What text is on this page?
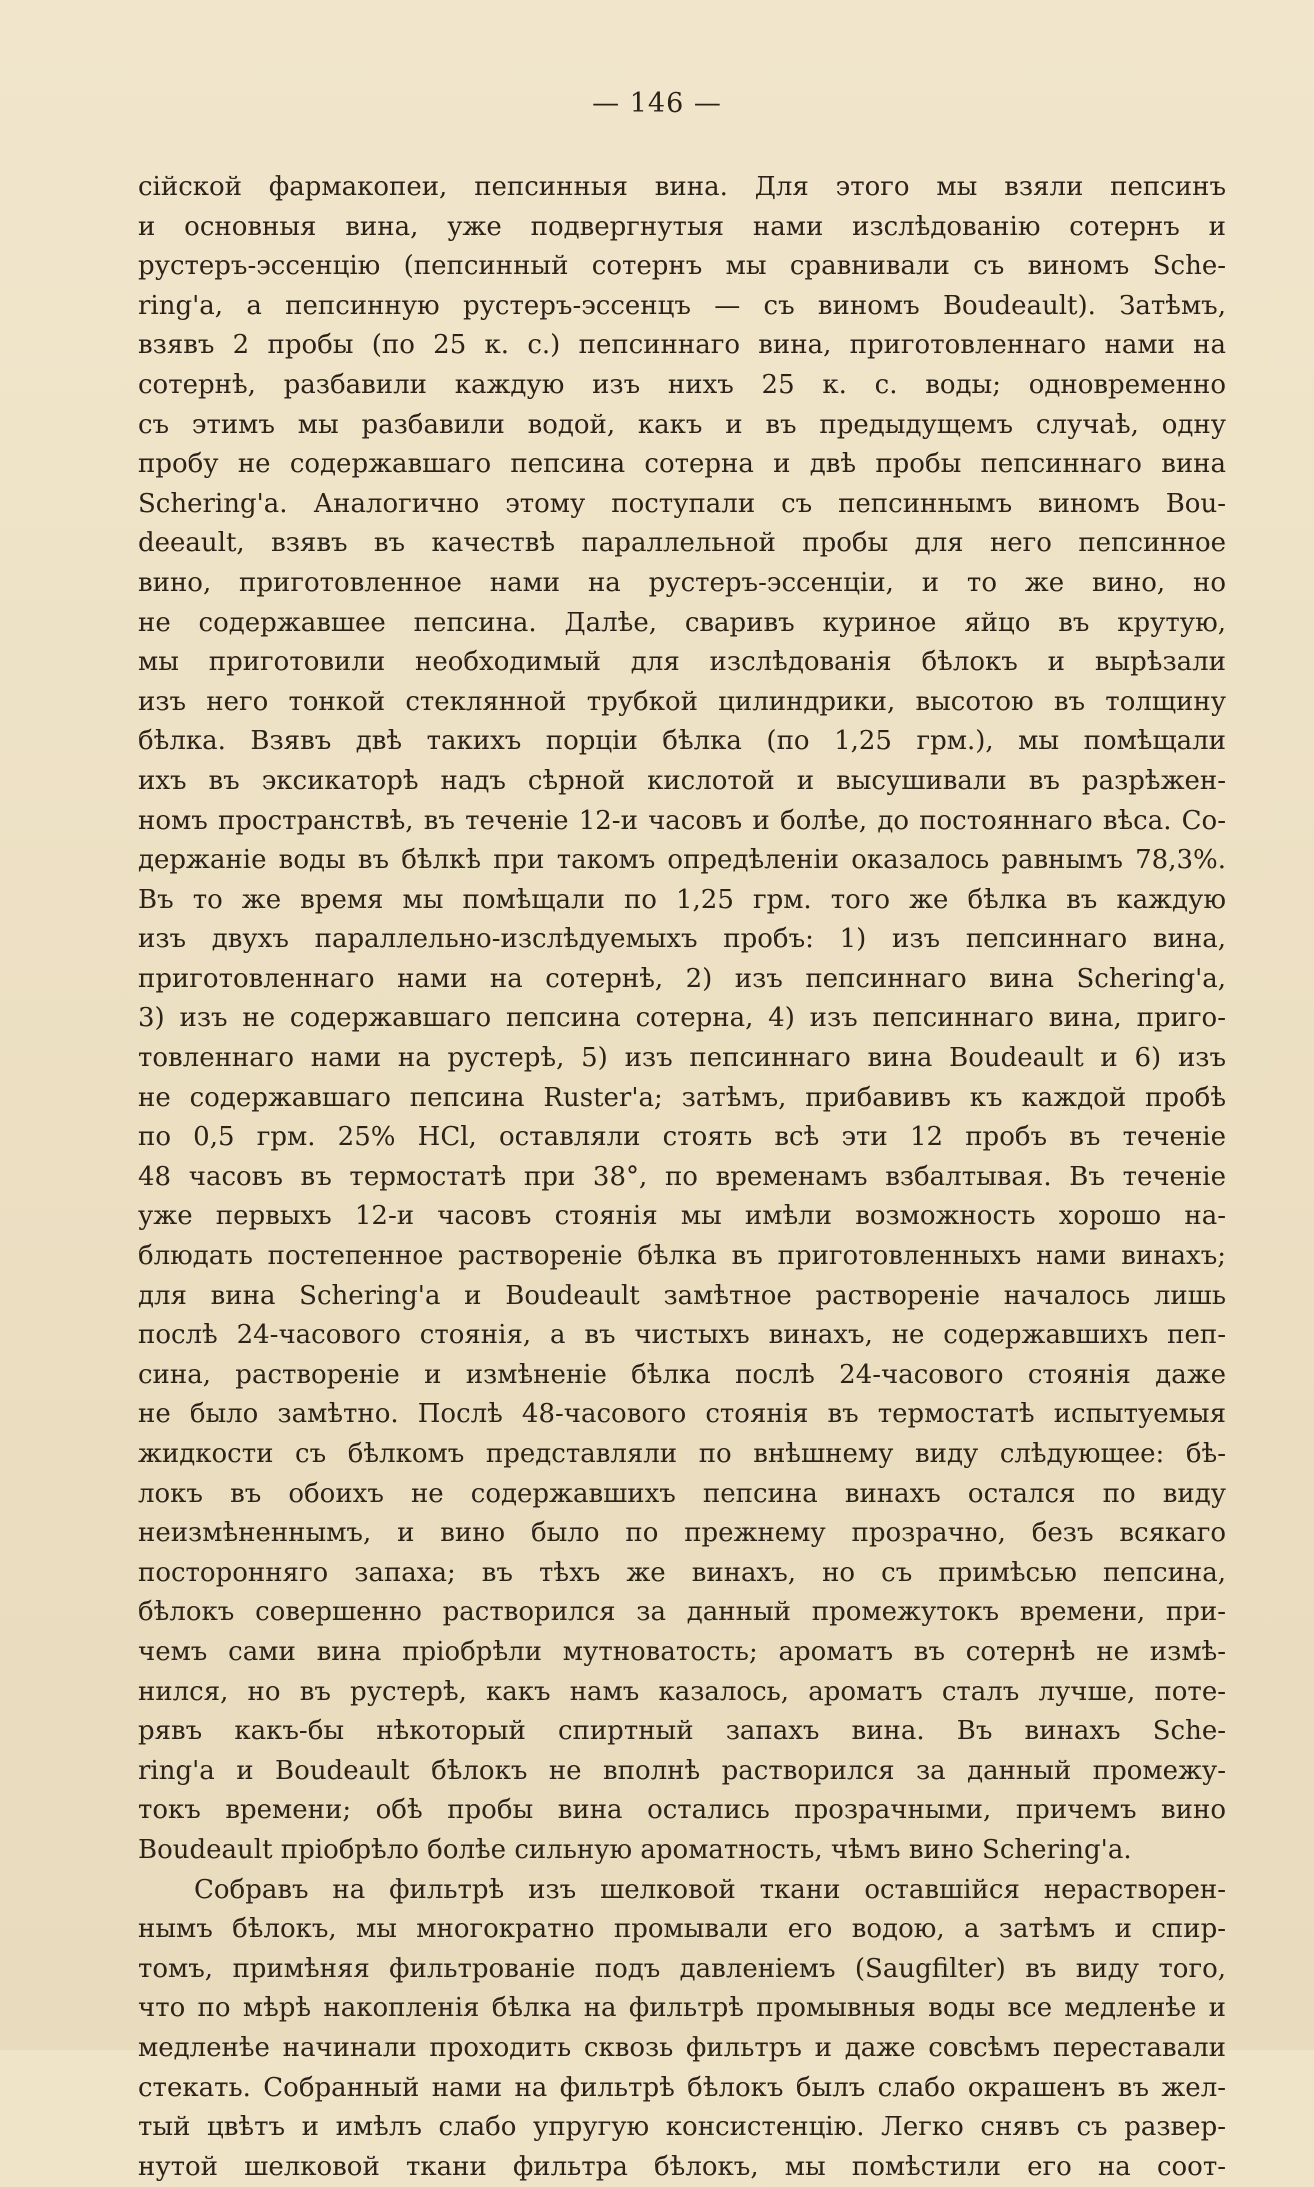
— 146 —
сійской фармакопеи, пепсинныя вина. Для этого мы взяли пепсинъ
и основныя вина, уже подвергнутыя нами изслѣдованію сотернъ и
рустеръ-эссенцію (пепсинный сотернъ мы сравнивали съ виномъ Sche-
ring'а, а пепсинную рустеръ-эссенцъ — съ виномъ Boudeault). Затѣмъ,
взявъ 2 пробы (по 25 к. с.) пепсиннаго вина, приготовленнаго нами на
сотернѣ, разбавили каждую изъ нихъ 25 к. с. воды; одновременно
съ этимъ мы разбавили водой, какъ и въ предыдущемъ случаѣ, одну
пробу не содержавшаго пепсина сотерна и двѣ пробы пепсиннаго вина
Schering'а. Аналогично этому поступали съ пепсиннымъ виномъ Bou-
deeault, взявъ въ качествѣ параллельной пробы для него пепсинное
вино, приготовленное нами на рустеръ-эссенціи, и то же вино, но
не содержавшее пепсина. Далѣе, сваривъ куриное яйцо въ крутую,
мы приготовили необходимый для изслѣдованія бѣлокъ и вырѣзали
изъ него тонкой стеклянной трубкой цилиндрики, высотою въ толщину
бѣлка. Взявъ двѣ такихъ порціи бѣлка (по 1,25 грм.), мы помѣщали
ихъ въ эксикаторѣ надъ сѣрной кислотой и высушивали въ разрѣжен-
номъ пространствѣ, въ теченіе 12-и часовъ и болѣе, до постояннаго вѣса. Со-
держаніе воды въ бѣлкѣ при такомъ опредѣленіи оказалось равнымъ 78,3%.
Въ то же время мы помѣщали по 1,25 грм. того же бѣлка въ каждую
изъ двухъ параллельно-изслѣдуемыхъ пробъ: 1) изъ пепсиннаго вина,
приготовленнаго нами на сотернѣ, 2) изъ пепсиннаго вина Schering'а,
3) изъ не содержавшаго пепсина сотерна, 4) изъ пепсиннаго вина, приго-
товленнаго нами на рустерѣ, 5) изъ пепсиннаго вина Boudeault и 6) изъ
не содержавшаго пепсина Ruster'а; затѣмъ, прибавивъ къ каждой пробѣ
по 0,5 грм. 25% HCl, оставляли стоять всѣ эти 12 пробъ въ теченіе
48 часовъ въ термостатѣ при 38°, по временамъ взбалтывая. Въ теченіе
уже первыхъ 12-и часовъ стоянія мы имѣли возможность хорошо на-
блюдать постепенное раствореніе бѣлка въ приготовленныхъ нами винахъ;
для вина Schering'а и Boudeault замѣтное раствореніе началось лишь
послѣ 24-часового стоянія, а въ чистыхъ винахъ, не содержавшихъ пеп-
сина, раствореніе и измѣненіе бѣлка послѣ 24-часового стоянія даже
не было замѣтно. Послѣ 48-часового стоянія въ термостатѣ испытуемыя
жидкости съ бѣлкомъ представляли по внѣшнему виду слѣдующее: бѣ-
локъ въ обоихъ не содержавшихъ пепсина винахъ остался по виду
неизмѣненнымъ, и вино было по прежнему прозрачно, безъ всякаго
посторонняго запаха; въ тѣхъ же винахъ, но съ примѣсью пепсина,
бѣлокъ совершенно растворился за данный промежутокъ времени, при-
чемъ сами вина пріобрѣли мутноватость; ароматъ въ сотернѣ не измѣ-
нился, но въ рустерѣ, какъ намъ казалось, ароматъ сталъ лучше, поте-
рявъ какъ-бы нѣкоторый спиртный запахъ вина. Въ винахъ Sche-
ring'а и Boudeault бѣлокъ не вполнѣ растворился за данный промежу-
токъ времени; обѣ пробы вина остались прозрачными, причемъ вино
Boudeault пріобрѣло болѣе сильную ароматность, чѣмъ вино Schering'а.
Собравъ на фильтрѣ изъ шелковой ткани оставшійся нерастворен-
нымъ бѣлокъ, мы многократно промывали его водою, а затѣмъ и спир-
томъ, примѣняя фильтрованіе подъ давленіемъ (Saugfilter) въ виду того,
что по мѣрѣ накопленія бѣлка на фильтрѣ промывныя воды все медленѣе и
медленѣе начинали проходить сквозь фильтръ и даже совсѣмъ переставали
стекать. Собранный нами на фильтрѣ бѣлокъ былъ слабо окрашенъ въ жел-
тый цвѣтъ и имѣлъ слабо упругую консистенцію. Легко снявъ съ развер-
нутой шелковой ткани фильтра бѣлокъ, мы помѣстили его на соот-
